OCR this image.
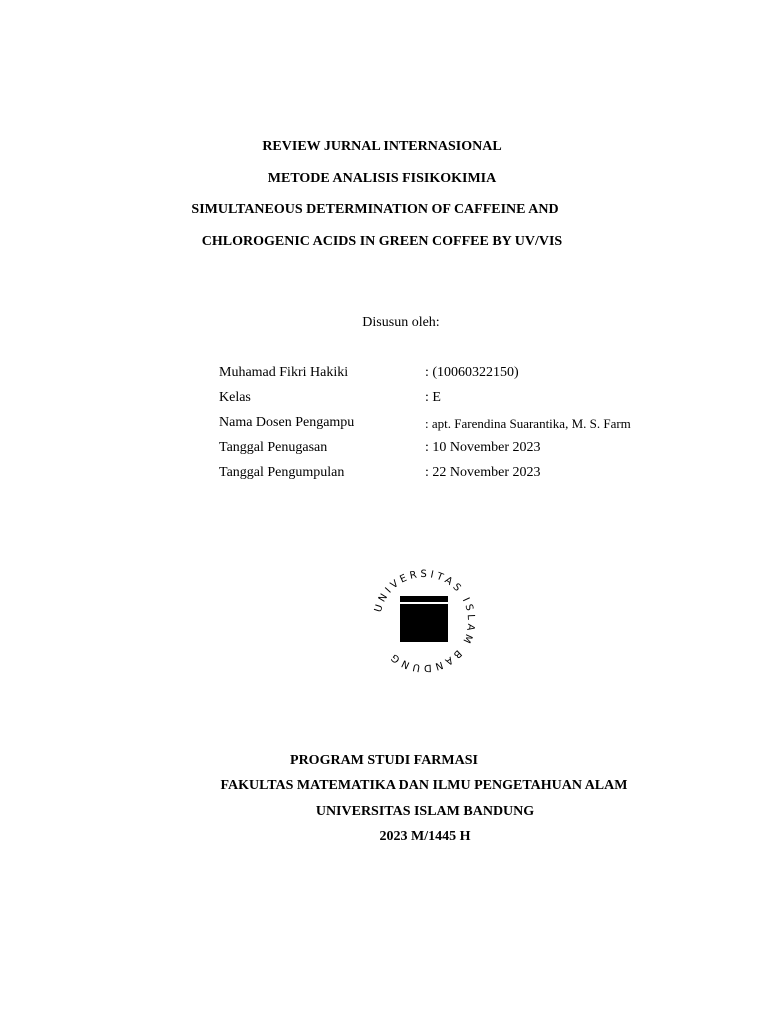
REVIEW JURNAL INTERNASIONAL
METODE ANALISIS FISIKOKIMIA
SIMULTANEOUS DETERMINATION OF CAFFEINE AND
CHLOROGENIC ACIDS IN GREEN COFFEE BY UV/VIS
Disusun oleh:
Muhamad Fikri Hakiki	: (10060322150)
Kelas	: E
Nama Dosen Pengampu	: apt. Farendina Suarantika, M. S. Farm
Tanggal Penugasan	: 10 November 2023
Tanggal Pengumpulan	: 22 November 2023
UNIVERSITAS ISLAM BANDUNG
PROGRAM STUDI FARMASI
FAKULTAS MATEMATIKA DAN ILMU PENGETAHUAN ALAM
UNIVERSITAS ISLAM BANDUNG
2023 M/1445 H
